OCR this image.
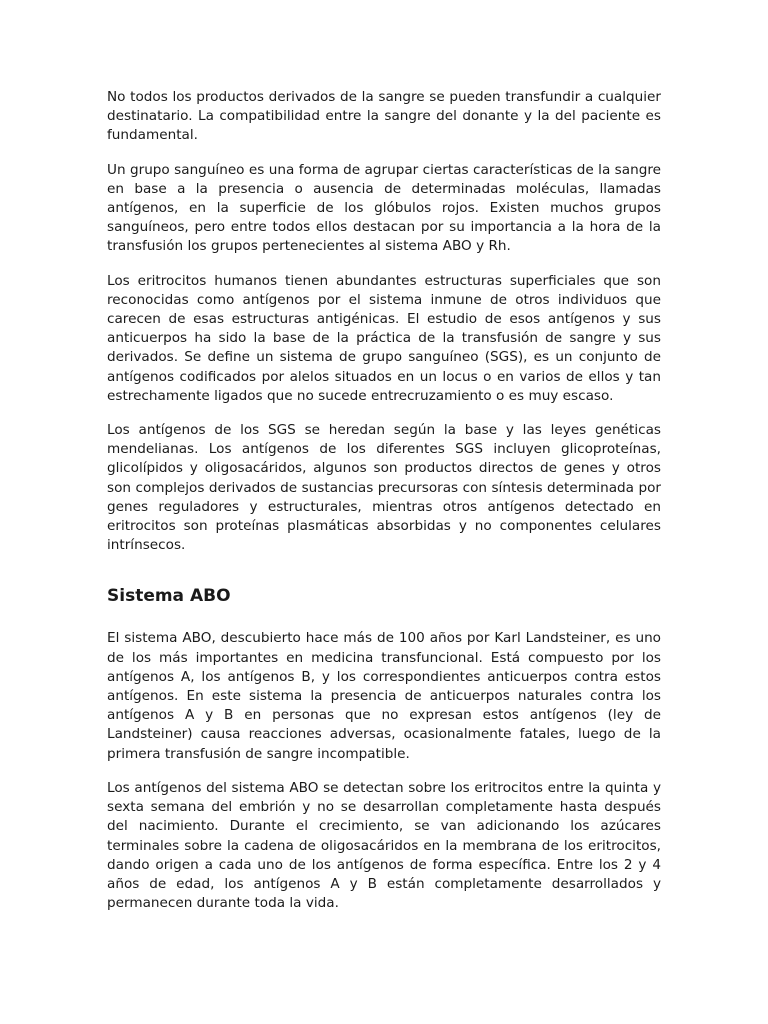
No todos los productos derivados de la sangre se pueden transfundir a cualquier destinatario. La compatibilidad entre la sangre del donante y la del paciente es fundamental.

Un grupo sanguíneo es una forma de agrupar ciertas características de la sangre en base a la presencia o ausencia de determinadas moléculas, llamadas antígenos, en la superficie de los glóbulos rojos. Existen muchos grupos sanguíneos, pero entre todos ellos destacan por su importancia a la hora de la transfusión los grupos pertenecientes al sistema ABO y Rh.

Los eritrocitos humanos tienen abundantes estructuras superficiales que son reconocidas como antígenos por el sistema inmune de otros individuos que carecen de esas estructuras antigénicas. El estudio de esos antígenos y sus anticuerpos ha sido la base de la práctica de la transfusión de sangre y sus derivados. Se define un sistema de grupo sanguíneo (SGS), es un conjunto de antígenos codificados por alelos situados en un locus o en varios de ellos y tan estrechamente ligados que no sucede entrecruzamiento o es muy escaso.

Los antígenos de los SGS se heredan según la base y las leyes genéticas mendelianas. Los antígenos de los diferentes SGS incluyen glicoproteínas, glicolípidos y oligosacáridos, algunos son productos directos de genes y otros son complejos derivados de sustancias precursoras con síntesis determinada por genes reguladores y estructurales, mientras otros antígenos detectado en eritrocitos son proteínas plasmáticas absorbidas y no componentes celulares intrínsecos.

Sistema ABO

El sistema ABO, descubierto hace más de 100 años por Karl Landsteiner, es uno de los más importantes en medicina transfuncional. Está compuesto por los antígenos A, los antígenos B, y los correspondientes anticuerpos contra estos antígenos. En este sistema la presencia de anticuerpos naturales contra los antígenos A y B en personas que no expresan estos antígenos (ley de Landsteiner) causa reacciones adversas, ocasionalmente fatales, luego de la primera transfusión de sangre incompatible.

Los antígenos del sistema ABO se detectan sobre los eritrocitos entre la quinta y sexta semana del embrión y no se desarrollan completamente hasta después del nacimiento. Durante el crecimiento, se van adicionando los azúcares terminales sobre la cadena de oligosacáridos en la membrana de los eritrocitos, dando origen a cada uno de los antígenos de forma específica. Entre los 2 y 4 años de edad, los antígenos A y B están completamente desarrollados y permanecen durante toda la vida.
